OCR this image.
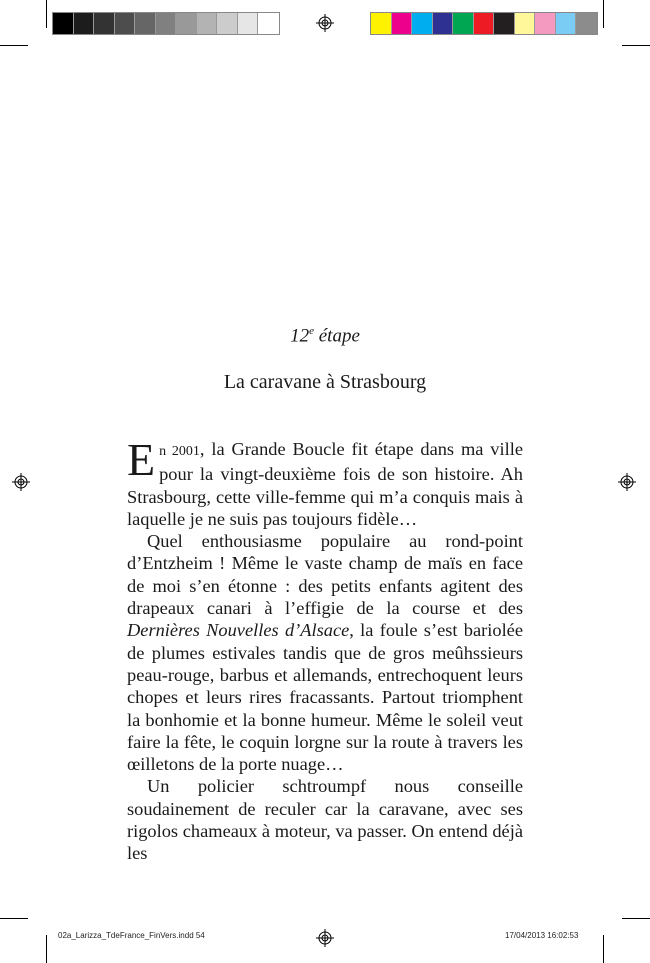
12e étape
La caravane à Strasbourg

En 2001, la Grande Boucle fit étape dans ma ville pour la vingt-deuxième fois de son histoire. Ah Strasbourg, cette ville-femme qui m’a conquis mais à laquelle je ne suis pas toujours fidèle…

Quel enthousiasme populaire au rond-point d’Entzheim ! Même le vaste champ de maïs en face de moi s’en étonne : des petits enfants agitent des drapeaux canari à l’effigie de la course et des Dernières Nouvelles d’Alsace, la foule s’est bariolée de plumes estivales tandis que de gros meûhssieurs peau-rouge, barbus et allemands, entrechoquent leurs chopes et leurs rires fracassants. Partout triomphent la bonhomie et la bonne humeur. Même le soleil veut faire la fête, le coquin lorgne sur la route à travers les œilletons de la porte nuage…

Un policier schtroumpf nous conseille soudainement de reculer car la caravane, avec ses rigolos chameaux à moteur, va passer. On entend déjà les

02a_Larizza_TdeFrance_FinVers.indd 54	17/04/2013 16:02:53
